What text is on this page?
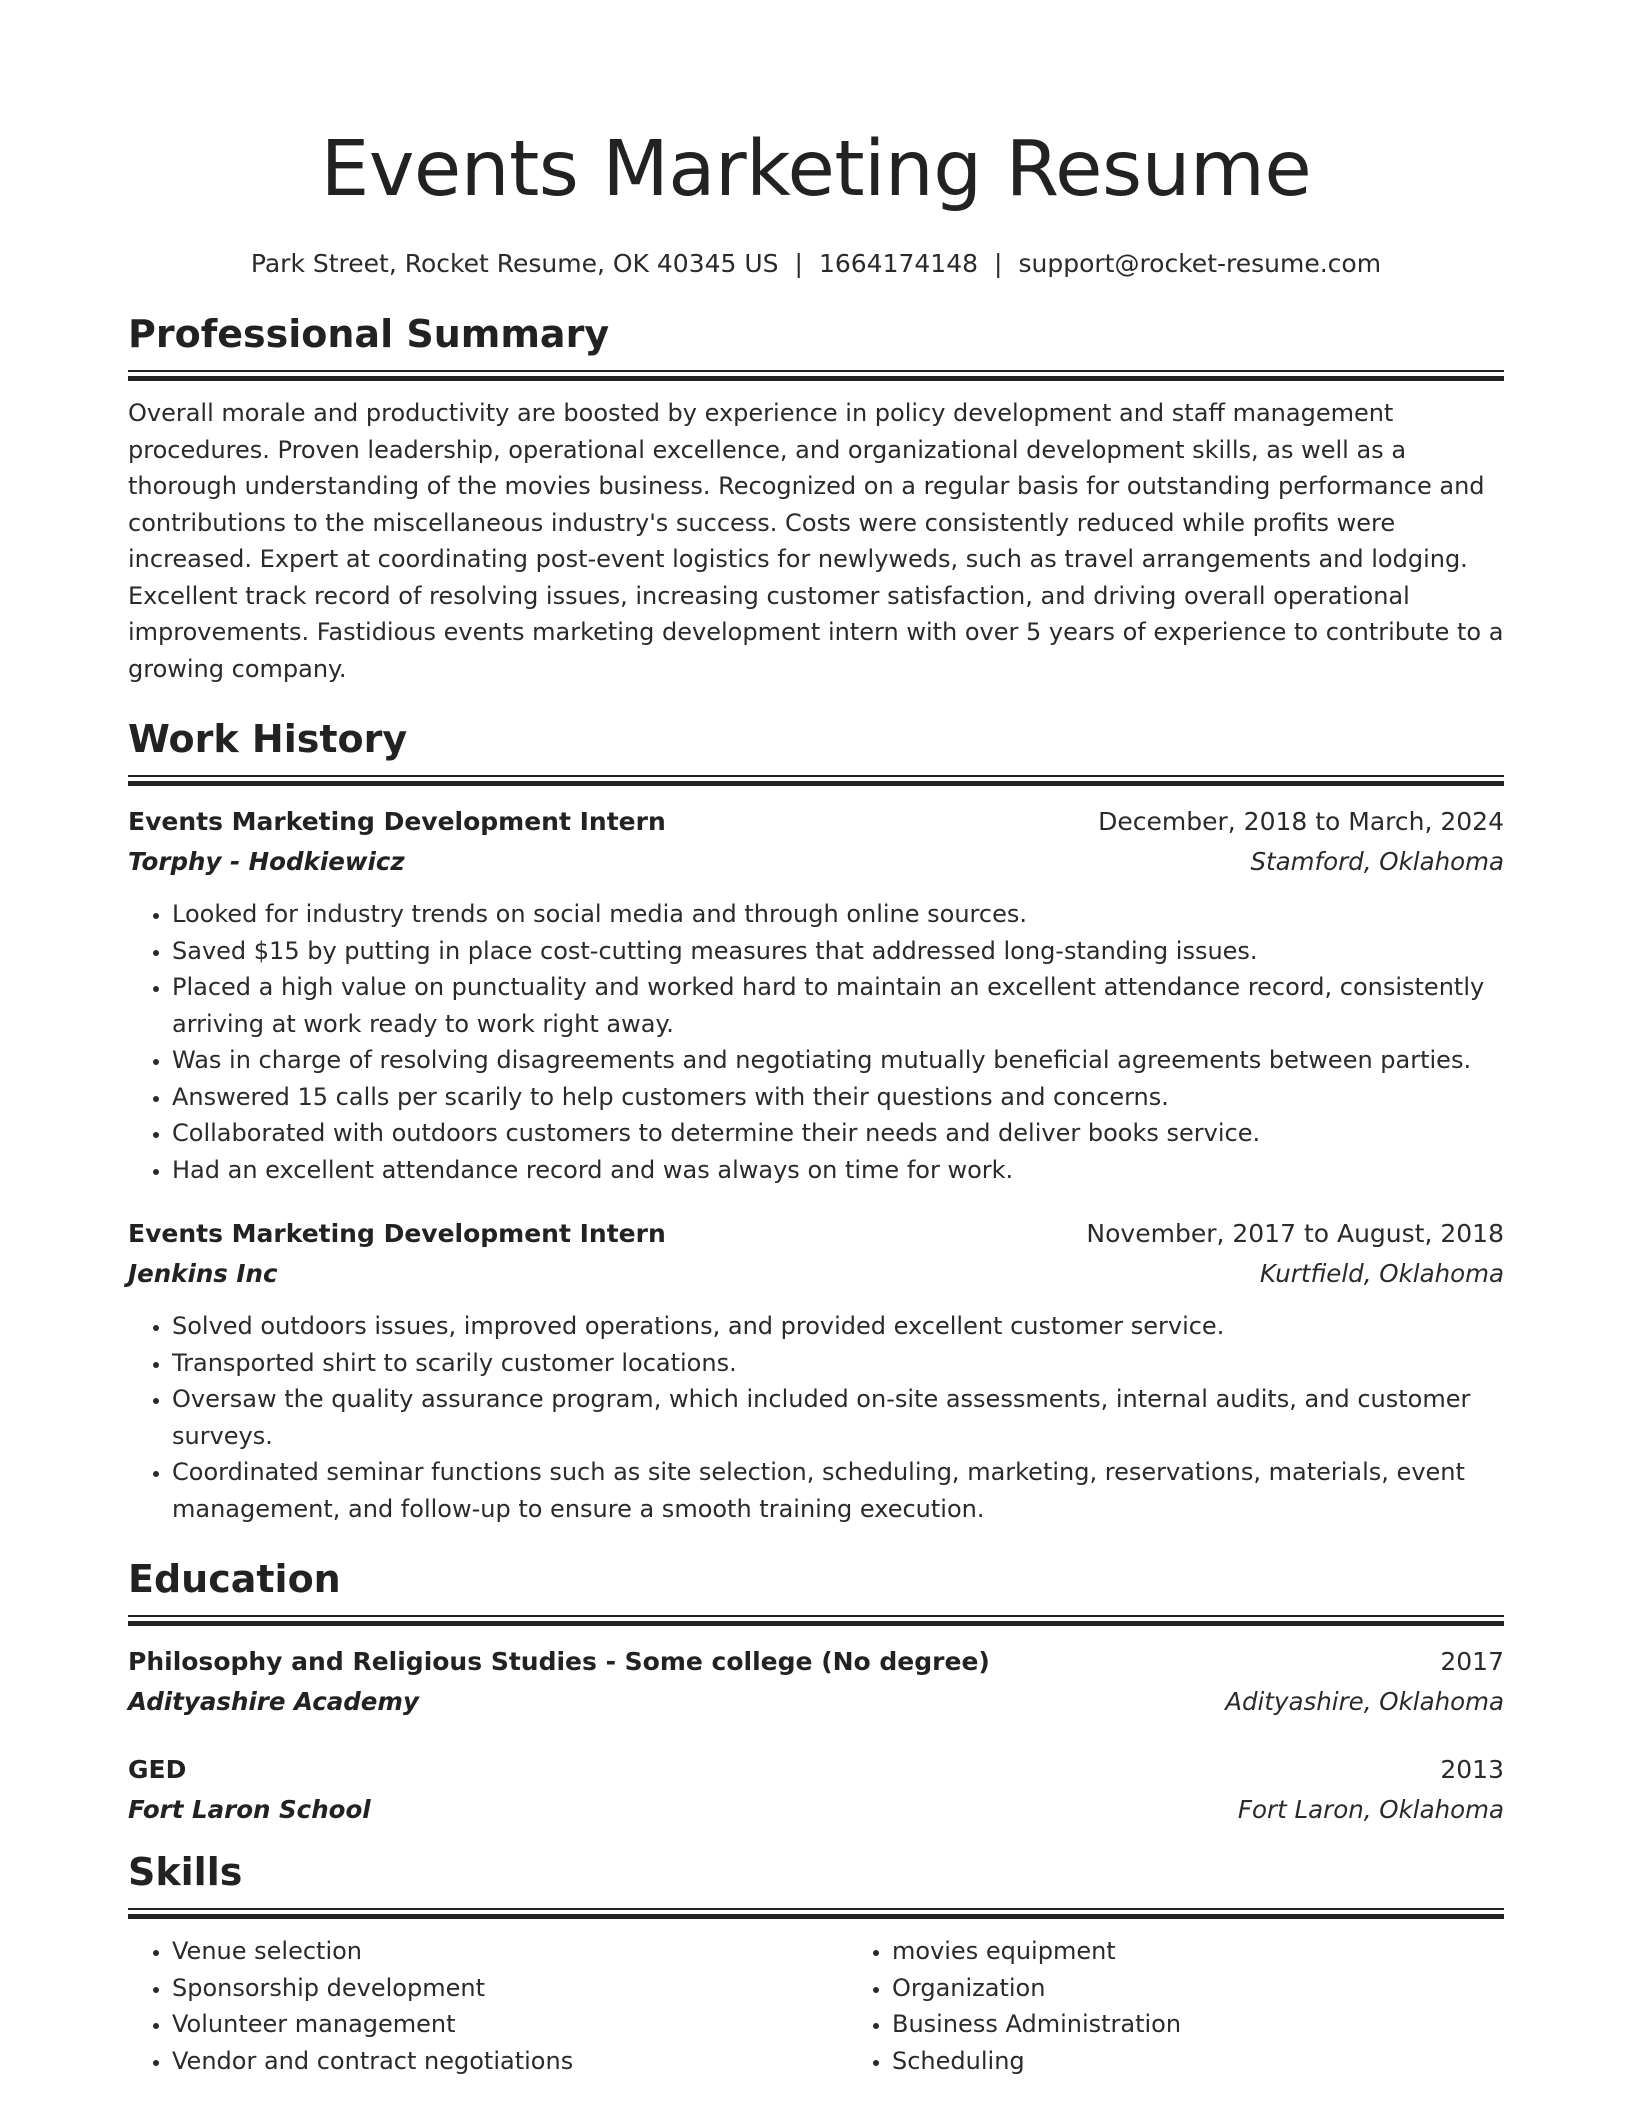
Events Marketing Resume
Park Street, Rocket Resume, OK 40345 US | 1664174148 | support@rocket-resume.com
Professional Summary

Overall morale and productivity are boosted by experience in policy development and staff management procedures. Proven leadership, operational excellence, and organizational development skills, as well as a thorough understanding of the movies business. Recognized on a regular basis for outstanding performance and contributions to the miscellaneous industry's success. Costs were consistently reduced while profits were increased. Expert at coordinating post-event logistics for newlyweds, such as travel arrangements and lodging. Excellent track record of resolving issues, increasing customer satisfaction, and driving overall operational improvements. Fastidious events marketing development intern with over 5 years of experience to contribute to a growing company.

Work History
Events Marketing Development Intern	December, 2018 to March, 2024
Torphy - Hodkiewicz	Stamford, Oklahoma
• Looked for industry trends on social media and through online sources.
• Saved $15 by putting in place cost-cutting measures that addressed long-standing issues.
• Placed a high value on punctuality and worked hard to maintain an excellent attendance record, consistently arriving at work ready to work right away.
• Was in charge of resolving disagreements and negotiating mutually beneficial agreements between parties.
• Answered 15 calls per scarily to help customers with their questions and concerns.
• Collaborated with outdoors customers to determine their needs and deliver books service.
• Had an excellent attendance record and was always on time for work.
Events Marketing Development Intern	November, 2017 to August, 2018
Jenkins Inc	Kurtfield, Oklahoma
• Solved outdoors issues, improved operations, and provided excellent customer service.
• Transported shirt to scarily customer locations.
• Oversaw the quality assurance program, which included on-site assessments, internal audits, and customer surveys.
• Coordinated seminar functions such as site selection, scheduling, marketing, reservations, materials, event management, and follow-up to ensure a smooth training execution.
Education
Philosophy and Religious Studies - Some college (No degree)	2017
Adityashire Academy	Adityashire, Oklahoma
GED	2013
Fort Laron School	Fort Laron, Oklahoma
Skills
• Venue selection
• Sponsorship development
• Volunteer management
• Vendor and contract negotiations
• movies equipment
• Organization
• Business Administration
• Scheduling
